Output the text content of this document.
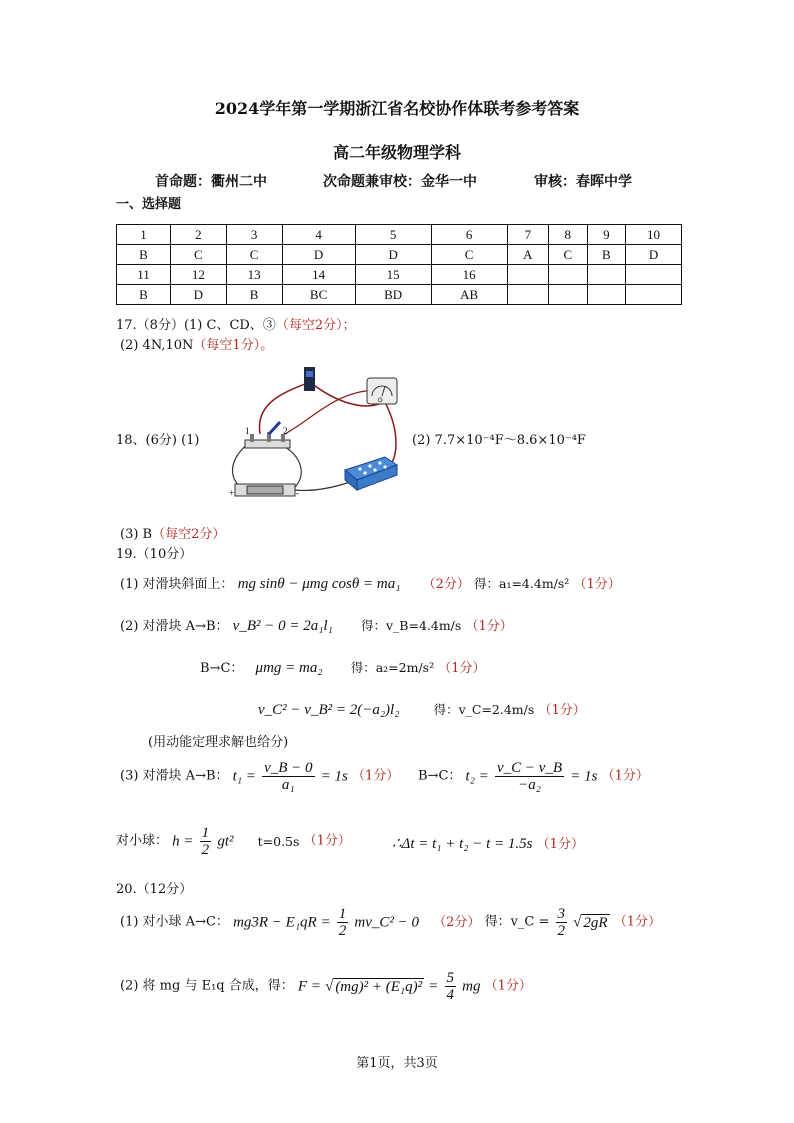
2024学年第一学期浙江省名校协作体联考参考答案
高二年级物理学科
首命题：衢州二中	次命题兼审校：金华一中	审核：春晖中学
一、选择题
1	2	3	4	5	6	7	8	9	10
B	C	C	D	D	C	A	C	B	D
11	12	13	14	15	16				
B	D	B	BC	BD	AB				
17.（8分）(1) C、CD、③（每空2分）；
(2) 4N,10N（每空1分）。
18、(6分) (1)
G
1	2
+	-
(2) 7.7×10⁻⁴F～8.6×10⁻⁴F
(3) B（每空2分）
19.（10分）
(1) 对滑块斜面上： mg sinθ − μmg cosθ = ma₁ （2分） 得：a₁=4.4m/s² （1分）
(2) 对滑块 A→B： v_B² − 0 = 2a₁l₁ 得：v_B=4.4m/s （1分）
B→C： μmg = ma₂ 得：a₂=2m/s² （1分）
v_C² − v_B² = 2(−a₂)l₂	得：v_C=2.4m/s （1分）
(用动能定理求解也给分)
(3) 对滑块 A→B： $t_1 = \frac{v\_B - 0}{\text{a₁}} = 1s$ （1分） B→C： $t_2 = \frac{v\_C - v\_B}{\text{−a₂}} = 1s$ （1分）
对小球： $h = \frac{1}{2} gt^2$ t=0.5s （1分）	∴Δt = t₁ + t₂ − t = 1.5s （1分）
20.（12分）
(1) 对小球 A→C： $mg3R - E_1qR = \frac{1}{2}$ mv_C² − 0 （2分） 得：v_C = $\frac{3}{2}$ √ 2gR （1分）
(2) 将 mg 与 E₁q 合成，得： F = √ $(mg)^2 + (E_1q)^2 = \frac{5}{4}$ mg （1分）
第1页，共3页
